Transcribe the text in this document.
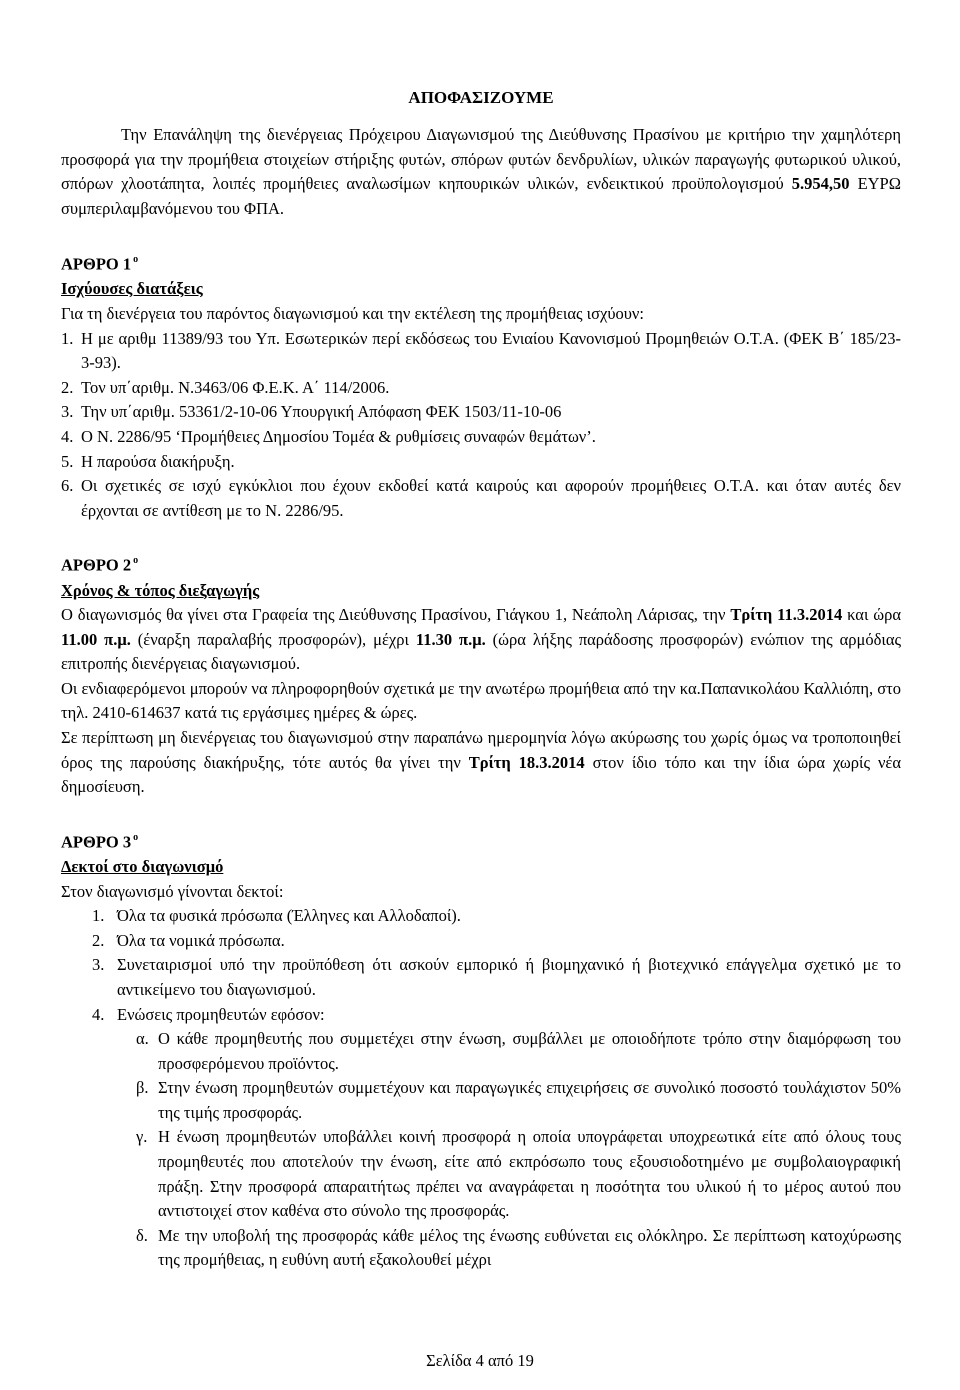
ΑΠΟΦΑΣΙΖΟΥΜΕ
Την Επανάληψη της διενέργειας Πρόχειρου Διαγωνισμού της Διεύθυνσης Πρασίνου με κριτήριο την χαμηλότερη προσφορά για την προμήθεια στοιχείων στήριξης φυτών, σπόρων φυτών δενδρυλίων, υλικών παραγωγής φυτωρικού υλικού, σπόρων χλοοτάπητα, λοιπές προμήθειες αναλωσίμων κηπουρικών υλικών, ενδεικτικού προϋπολογισμού 5.954,50 ΕΥΡΩ συμπεριλαμβανόμενου του ΦΠΑ.
ΑΡΘΡΟ 1 $^o$
Ισχύουσες διατάξεις
Για τη διενέργεια του παρόντος διαγωνισμού και την εκτέλεση της προμήθειας ισχύουν:
1. Η με αριθμ 11389/93 του Υπ. Εσωτερικών περί εκδόσεως του Ενιαίου Κανονισμού Προμηθειών Ο.Τ.Α. (ΦΕΚ Β΄ 185/23-3-93).
2. Τον υπ΄αριθμ. Ν.3463/06 Φ.Ε.Κ. Α΄ 114/2006.
3. Την υπ΄αριθμ. 53361/2-10-06 Υπουργική Απόφαση ΦΕΚ 1503/11-10-06
4. Ο Ν. 2286/95 ‘Προμήθειες Δημοσίου Τομέα & ρυθμίσεις συναφών θεμάτων’.
5. Η παρούσα διακήρυξη.
6. Οι σχετικές σε ισχύ εγκύκλιοι που έχουν εκδοθεί κατά καιρούς και αφορούν προμήθειες Ο.Τ.Α. και όταν αυτές δεν έρχονται σε αντίθεση με το Ν. 2286/95.
ΑΡΘΡΟ 2 $^o$
Χρόνος & τόπος διεξαγωγής
Ο διαγωνισμός θα γίνει στα Γραφεία της Διεύθυνσης Πρασίνου, Γιάγκου 1, Νεάπολη Λάρισας, την Τρίτη 11.3.2014 και ώρα 11.00 π.μ. (έναρξη παραλαβής προσφορών), μέχρι 11.30 π.μ. (ώρα λήξης παράδοσης προσφορών) ενώπιον της αρμόδιας επιτροπής διενέργειας διαγωνισμού.
Οι ενδιαφερόμενοι μπορούν να πληροφορηθούν σχετικά με την ανωτέρω προμήθεια από την κα.Παπανικολάου Καλλιόπη, στο τηλ. 2410-614637 κατά τις εργάσιμες ημέρες & ώρες.
Σε περίπτωση μη διενέργειας του διαγωνισμού στην παραπάνω ημερομηνία λόγω ακύρωσης του χωρίς όμως να τροποποιηθεί όρος της παρούσης διακήρυξης, τότε αυτός θα γίνει την Τρίτη 18.3.2014 στον ίδιο τόπο και την ίδια ώρα χωρίς νέα δημοσίευση.
ΑΡΘΡΟ 3 $^o$
Δεκτοί στο διαγωνισμό
Στον διαγωνισμό γίνονται δεκτοί:
1. Όλα τα φυσικά πρόσωπα (Έλληνες και Αλλοδαποί).
2. Όλα τα νομικά πρόσωπα.
3. Συνεταιρισμοί υπό την προϋπόθεση ότι ασκούν εμπορικό ή βιομηχανικό ή βιοτεχνικό επάγγελμα σχετικό με το αντικείμενο του διαγωνισμού.
4. Ενώσεις προμηθευτών εφόσον:
α. Ο κάθε προμηθευτής που συμμετέχει στην ένωση, συμβάλλει με οποιοδήποτε τρόπο στην διαμόρφωση του προσφερόμενου προϊόντος.
β. Στην ένωση προμηθευτών συμμετέχουν και παραγωγικές επιχειρήσεις σε συνολικό ποσοστό τουλάχιστον 50% της τιμής προσφοράς.
γ. Η ένωση προμηθευτών υποβάλλει κοινή προσφορά η οποία υπογράφεται υποχρεωτικά είτε από όλους τους προμηθευτές που αποτελούν την ένωση, είτε από εκπρόσωπο τους εξουσιοδοτημένο με συμβολαιογραφική πράξη. Στην προσφορά απαραιτήτως πρέπει να αναγράφεται η ποσότητα του υλικού ή το μέρος αυτού που αντιστοιχεί στον καθένα στο σύνολο της προσφοράς.
δ. Με την υποβολή της προσφοράς κάθε μέλος της ένωσης ευθύνεται εις ολόκληρο. Σε περίπτωση κατοχύρωσης της προμήθειας, η ευθύνη αυτή εξακολουθεί μέχρι
Σελίδα 4 από 19
